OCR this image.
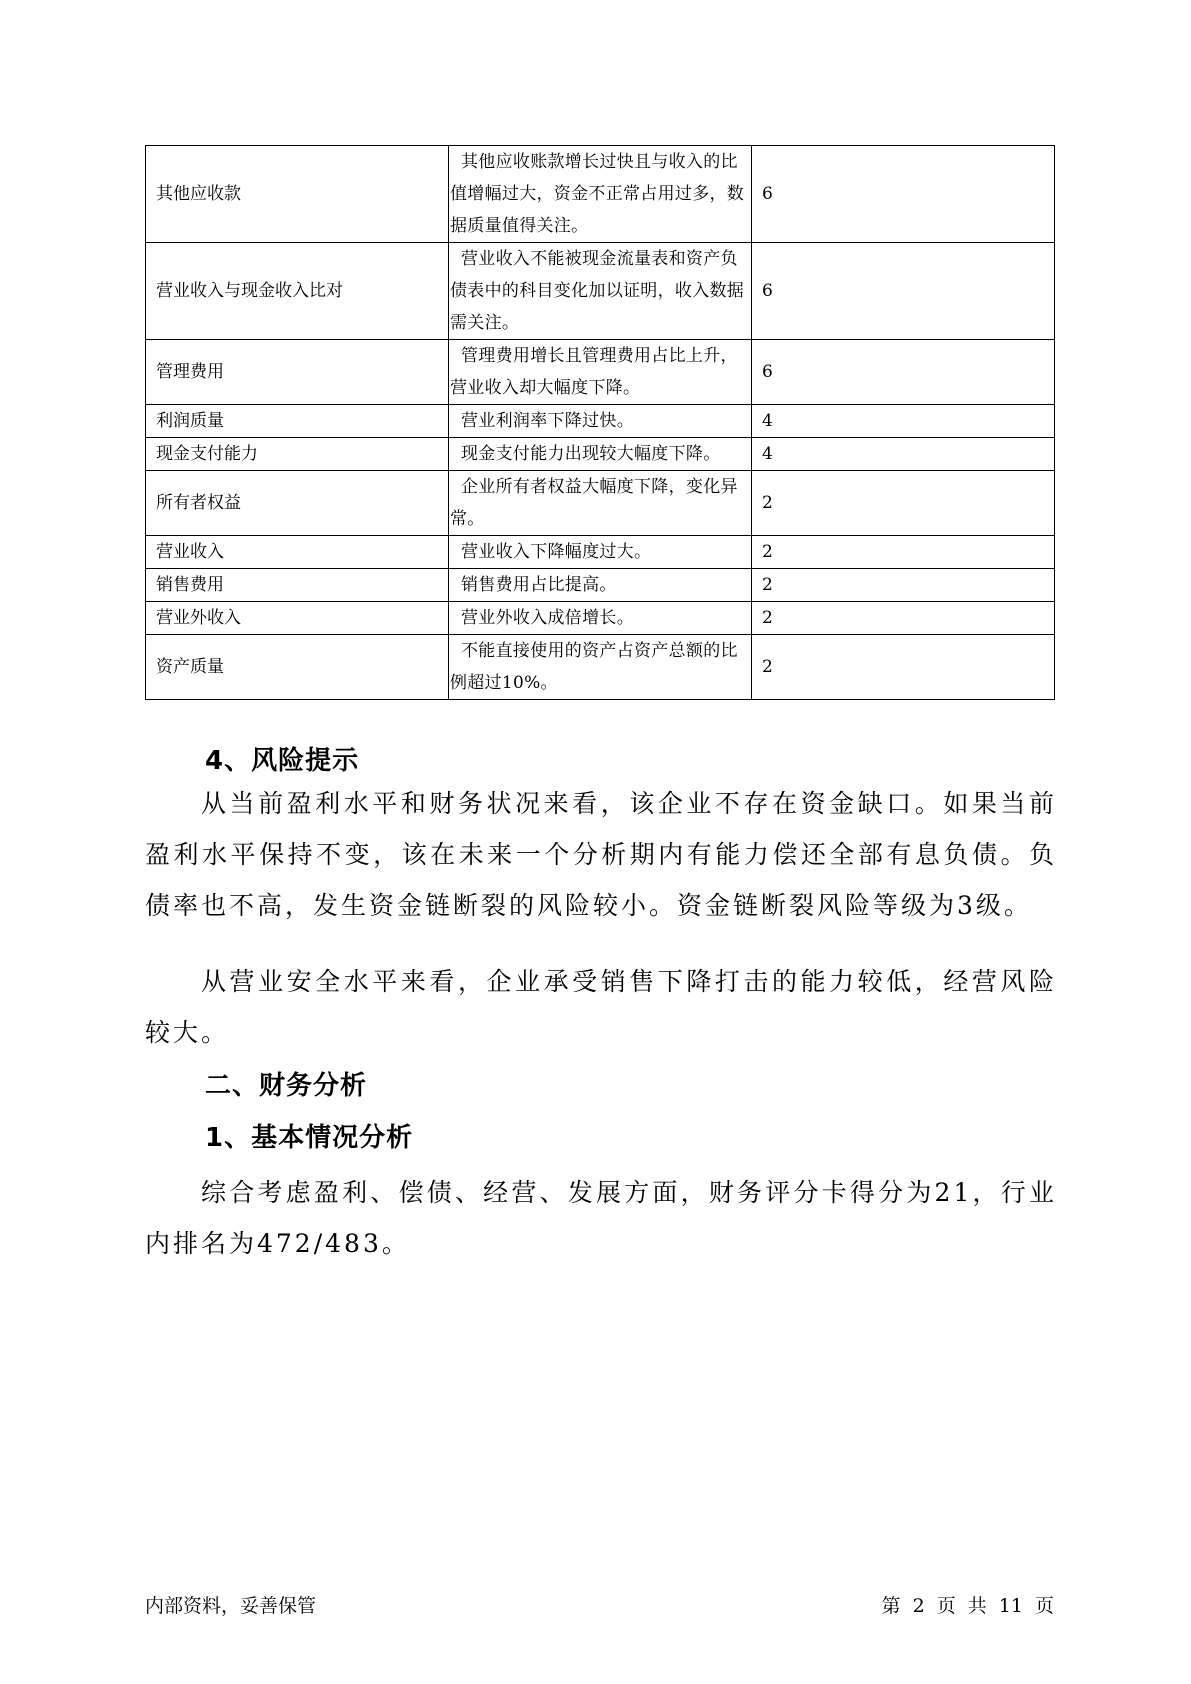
其他应收款	其他应收账款增长过快且与收入的比值增幅过大，资金不正常占用过多，数据质量值得关注。	6
营业收入与现金收入比对	营业收入不能被现金流量表和资产负债表中的科目变化加以证明，收入数据需关注。	6
管理费用	管理费用增长且管理费用占比上升，营业收入却大幅度下降。	6
利润质量	营业利润率下降过快。	4
现金支付能力	现金支付能力出现较大幅度下降。	4
所有者权益	企业所有者权益大幅度下降，变化异常。	2
营业收入	营业收入下降幅度过大。	2
销售费用	销售费用占比提高。	2
营业外收入	营业外收入成倍增长。	2
资产质量	不能直接使用的资产占资产总额的比例超过10%。	2
4、风险提示

从当前盈利水平和财务状况来看，该企业不存在资金缺口。如果当前盈利水平保持不变，该在未来一个分析期内有能力偿还全部有息负债。负债率也不高，发生资金链断裂的风险较小。资金链断裂风险等级为3级。

从营业安全水平来看，企业承受销售下降打击的能力较低，经营风险较大。

二、财务分析
1、基本情况分析

综合考虑盈利、偿债、经营、发展方面，财务评分卡得分为21，行业内排名为472/483。

内部资料，妥善保管	第 2 页 共 11 页
